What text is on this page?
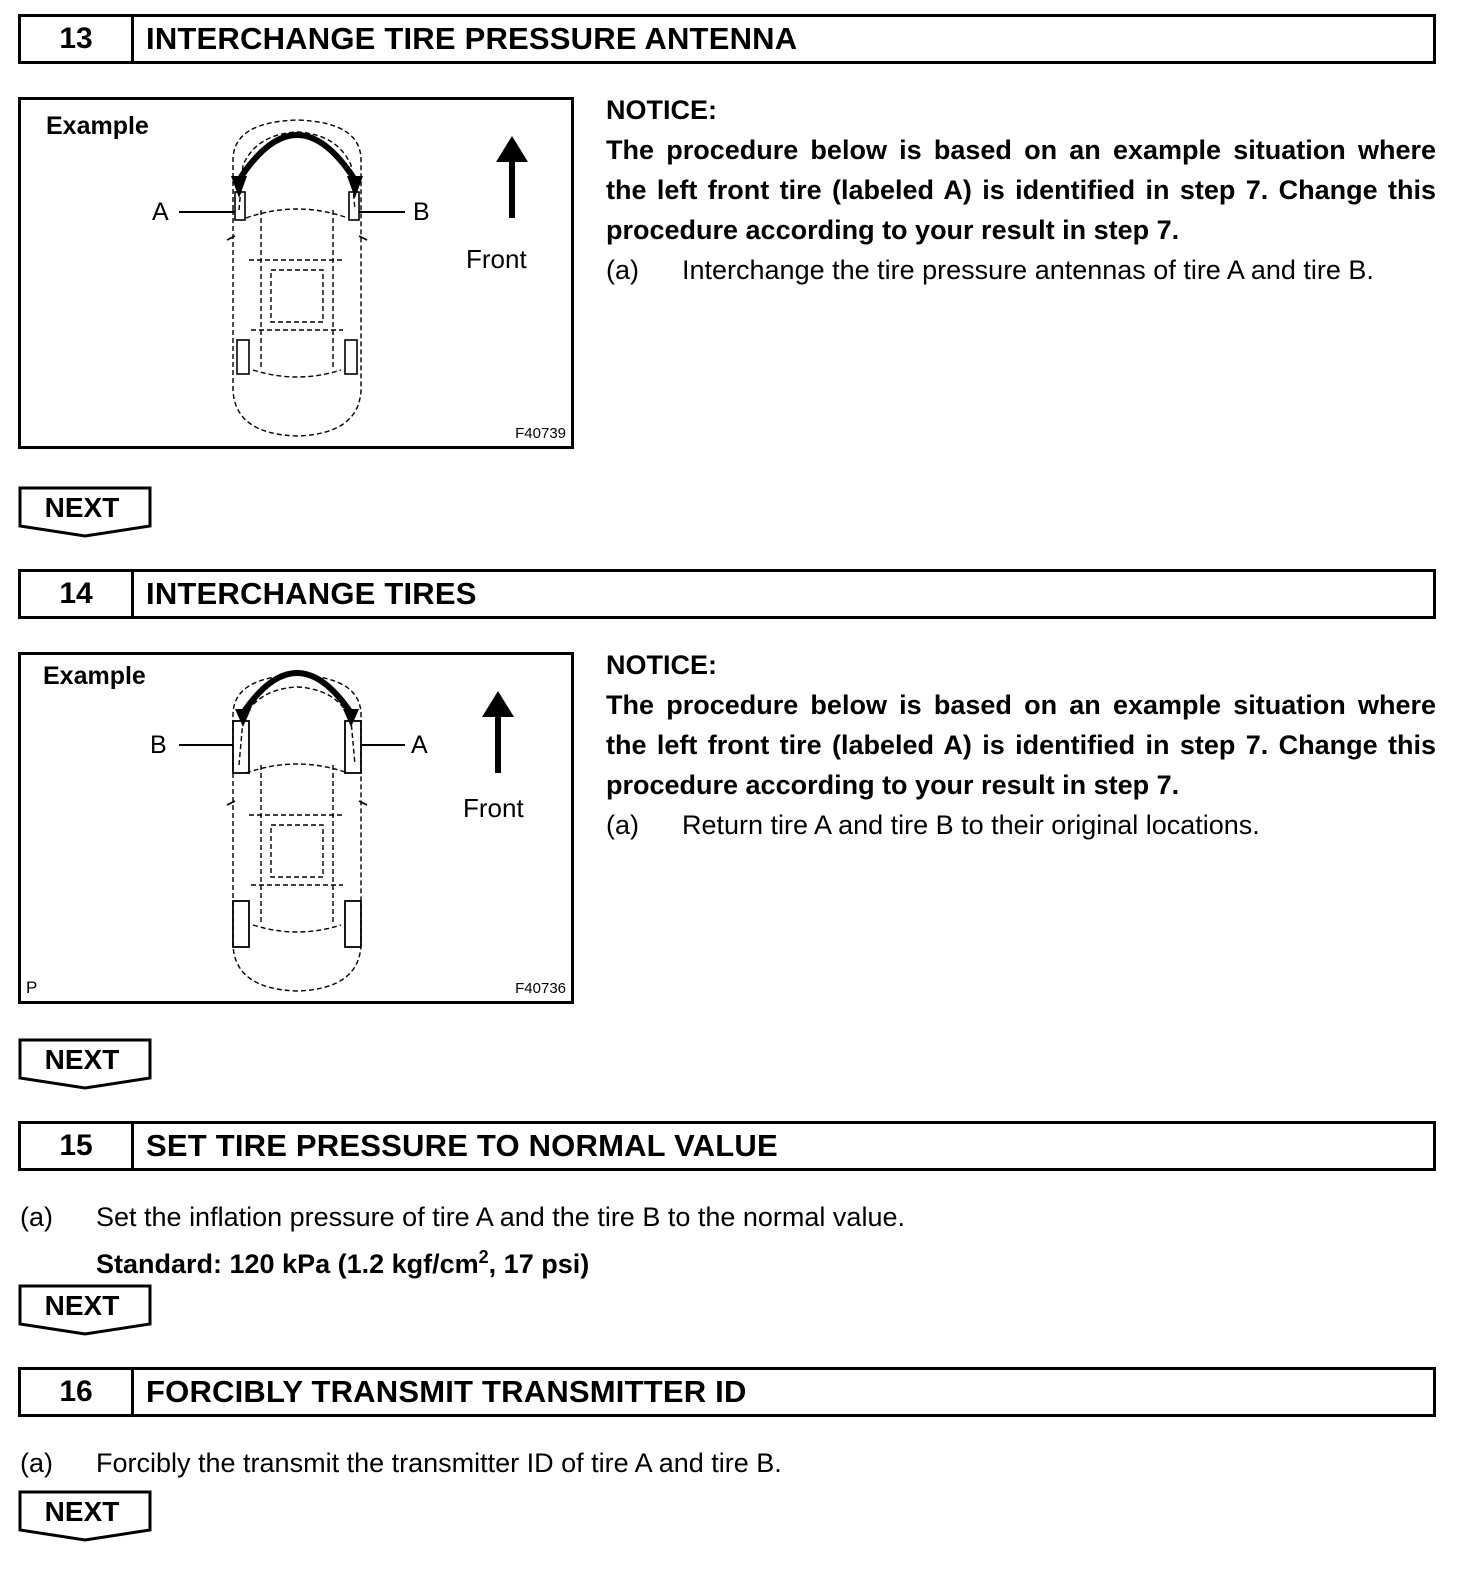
13	INTERCHANGE TIRE PRESSURE ANTENNA
Example
A	B
Front
F40739
NOTICE:
The procedure below is based on an example situation where the left front tire (labeled A) is identified in step 7. Change this procedure according to your result in step 7.
(a)	Interchange the tire pressure antennas of tire A and tire B.
NEXT
14	INTERCHANGE TIRES
Example
B	A
Front
F40736
P
NOTICE:
The procedure below is based on an example situation where the left front tire (labeled A) is identified in step 7. Change this procedure according to your result in step 7.
(a)	Return tire A and tire B to their original locations.
NEXT
15	SET TIRE PRESSURE TO NORMAL VALUE
(a) Set the inflation pressure of tire A and the tire B to the normal value.
Standard: 120 kPa (1.2 kgf/$cm^2$, 17 psi)
NEXT
16	FORCIBLY TRANSMIT TRANSMITTER ID
(a) Forcibly the transmit the transmitter ID of tire A and tire B.
NEXT
